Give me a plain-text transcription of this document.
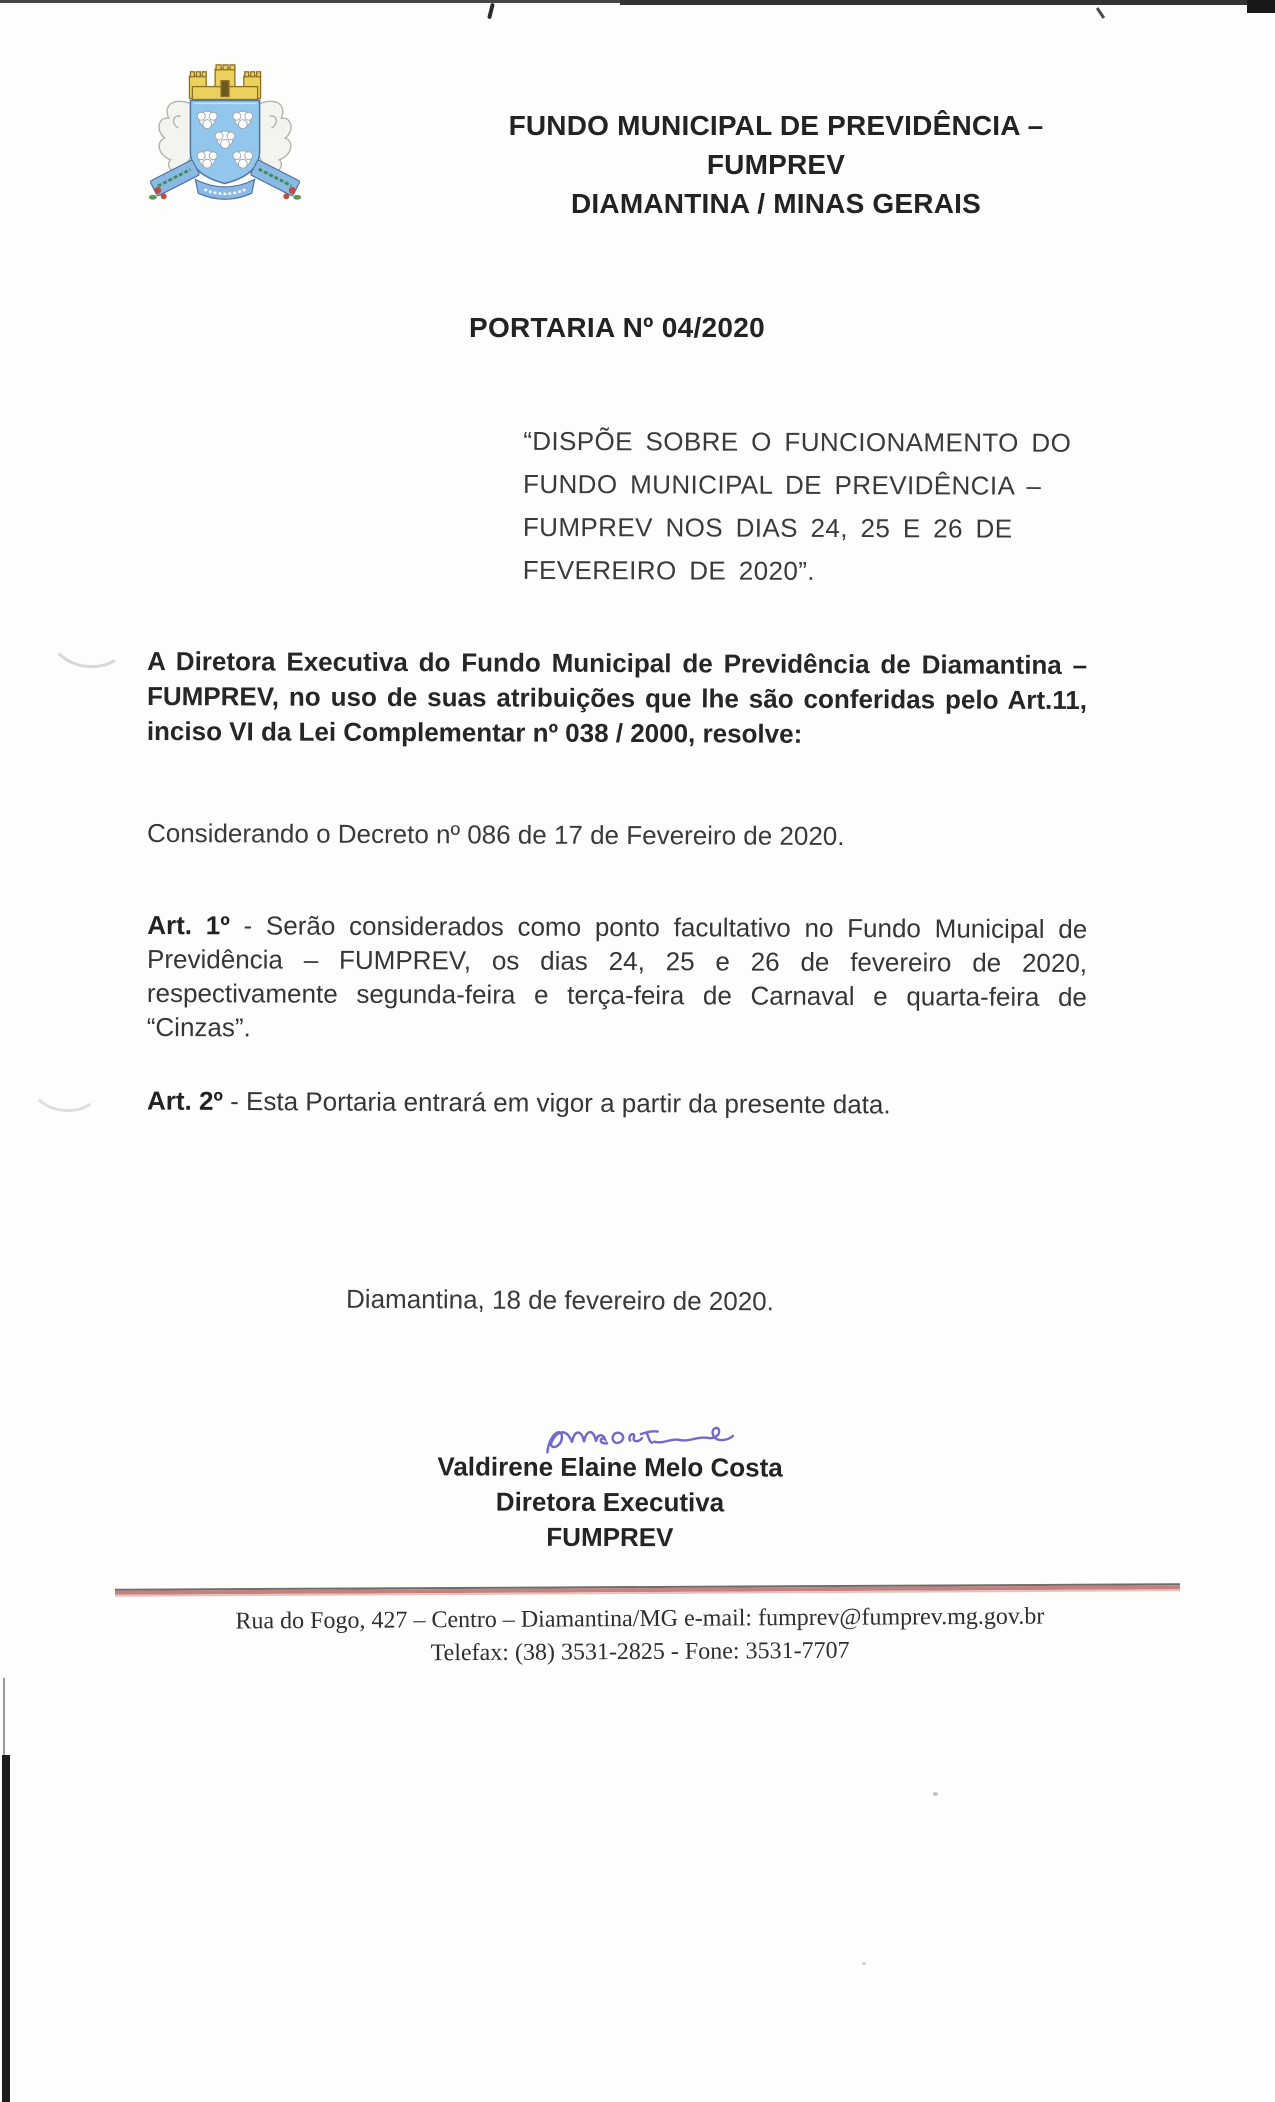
FUNDO MUNICIPAL DE PREVIDÊNCIA –
FUMPREV
DIAMANTINA / MINAS GERAIS
PORTARIA Nº 04/2020
“DISPÕE SOBRE O FUNCIONAMENTO DO
FUNDO MUNICIPAL DE PREVIDÊNCIA –
FUMPREV NOS DIAS 24, 25 E 26 DE
FEVEREIRO DE 2020”.
A Diretora Executiva do Fundo Municipal de Previdência de Diamantina – FUMPREV, no uso de suas atribuições que lhe são conferidas pelo Art.11, inciso VI da Lei Complementar nº 038 / 2000, resolve:
Considerando o Decreto nº 086 de 17 de Fevereiro de 2020.

Art. 1º - Serão considerados como ponto facultativo no Fundo Municipal de Previdência – FUMPREV, os dias 24, 25 e 26 de fevereiro de 2020, respectivamente segunda-feira e terça-feira de Carnaval e quarta-feira de “Cinzas”.

Art. 2º - Esta Portaria entrará em vigor a partir da presente data.

Diamantina, 18 de fevereiro de 2020.
Valdirene Elaine Melo Costa
Diretora Executiva
FUMPREV
Rua do Fogo, 427 – Centro – Diamantina/MG e-mail: fumprev@fumprev.mg.gov.br
Telefax: (38) 3531-2825 - Fone: 3531-7707
